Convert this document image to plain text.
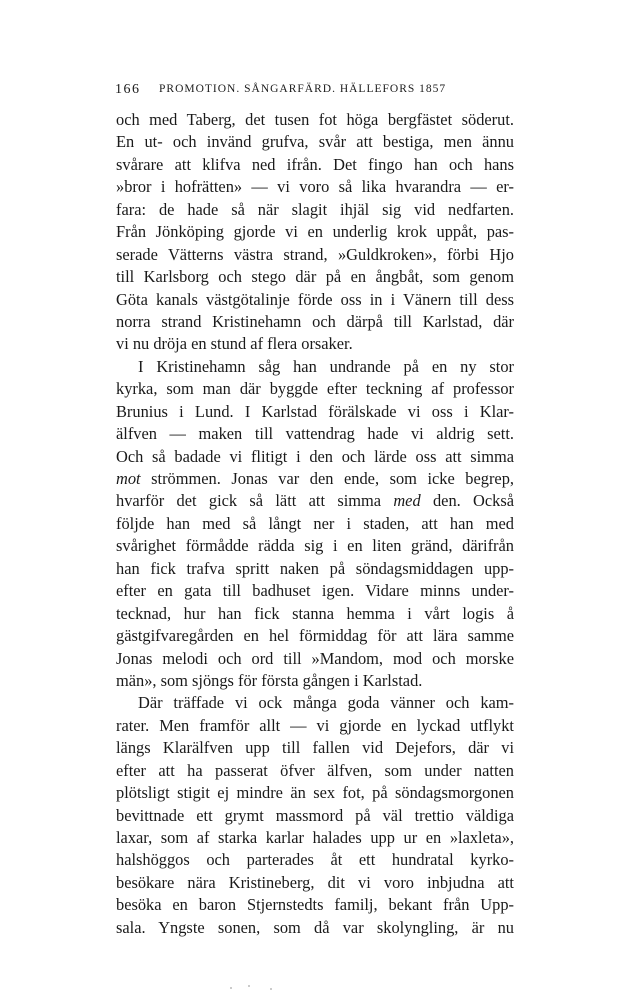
166 PROMOTION. SÅNGARFÄRD. HÄLLEFORS 1857
och med Taberg, det tusen fot höga bergfästet söderut.
En ut- och invänd grufva, svår att bestiga, men ännu
svårare att klifva ned ifrån. Det fingo han och hans
»bror i hofrätten» — vi voro så lika hvarandra — er-
fara: de hade så när slagit ihjäl sig vid nedfarten.
Från Jönköping gjorde vi en underlig krok uppåt, pas-
serade Vätterns västra strand, »Guldkroken», förbi Hjo
till Karlsborg och stego där på en ångbåt, som genom
Göta kanals västgötalinje förde oss in i Vänern till dess
norra strand Kristinehamn och därpå till Karlstad, där
vi nu dröja en stund af flera orsaker.
I Kristinehamn såg han undrande på en ny stor
kyrka, som man där byggde efter teckning af professor
Brunius i Lund. I Karlstad förälskade vi oss i Klar-
älfven — maken till vattendrag hade vi aldrig sett.
Och så badade vi flitigt i den och lärde oss att simma
mot strömmen. Jonas var den ende, som icke begrep,
hvarför det gick så lätt att simma med den. Också
följde han med så långt ner i staden, att han med
svårighet förmådde rädda sig i en liten gränd, därifrån
han fick trafva spritt naken på söndagsmiddagen upp-
efter en gata till badhuset igen. Vidare minns under-
tecknad, hur han fick stanna hemma i vårt logis å
gästgifvaregården en hel förmiddag för att lära samme
Jonas melodi och ord till »Mandom, mod och morske
män», som sjöngs för första gången i Karlstad.
Där träffade vi ock många goda vänner och kam-
rater. Men framför allt — vi gjorde en lyckad utflykt
längs Klarälfven upp till fallen vid Dejefors, där vi
efter att ha passerat öfver älfven, som under natten
plötsligt stigit ej mindre än sex fot, på söndagsmorgonen
bevittnade ett grymt massmord på väl trettio väldiga
laxar, som af starka karlar halades upp ur en »laxleta»,
halshöggos och parterades åt ett hundratal kyrko-
besökare nära Kristineberg, dit vi voro inbjudna att
besöka en baron Stjernstedts familj, bekant från Upp-
sala. Yngste sonen, som då var skolyngling, är nu
